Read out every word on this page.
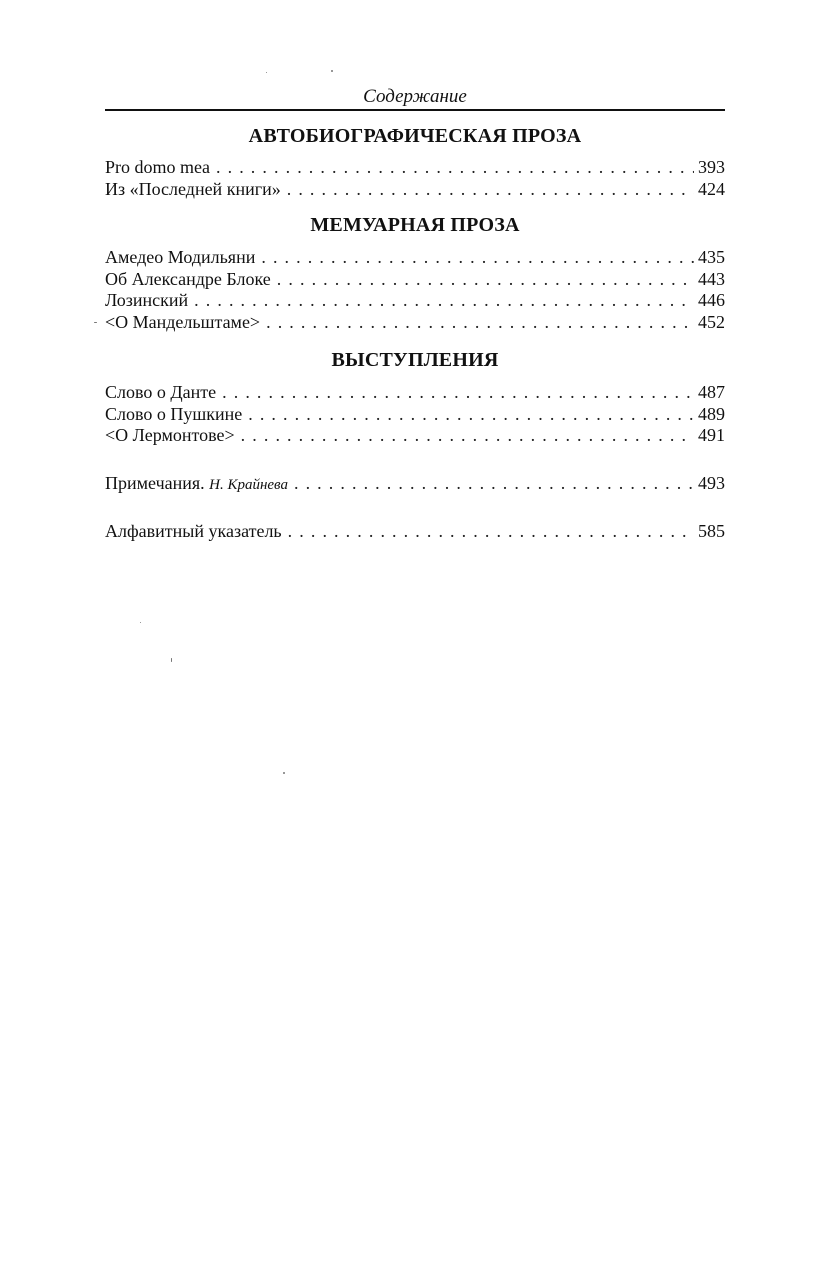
Содержание
АВТОБИОГРАФИЧЕСКАЯ ПРОЗА
Pro domo mea . . .	393
Из «Последней книги» . . .	424
МЕМУАРНАЯ ПРОЗА
Амедео Модильяни . . .	435
Об Александре Блоке . . .	443
Лозинский . . .	446
<О Мандельштаме> . . .	452
ВЫСТУПЛЕНИЯ
Слово о Данте . . .	487
Слово о Пушкине . . .	489
<О Лермонтове> . . .	491
Примечания. Н. Крайнева . . .	493
Алфавитный указатель . . .	585
